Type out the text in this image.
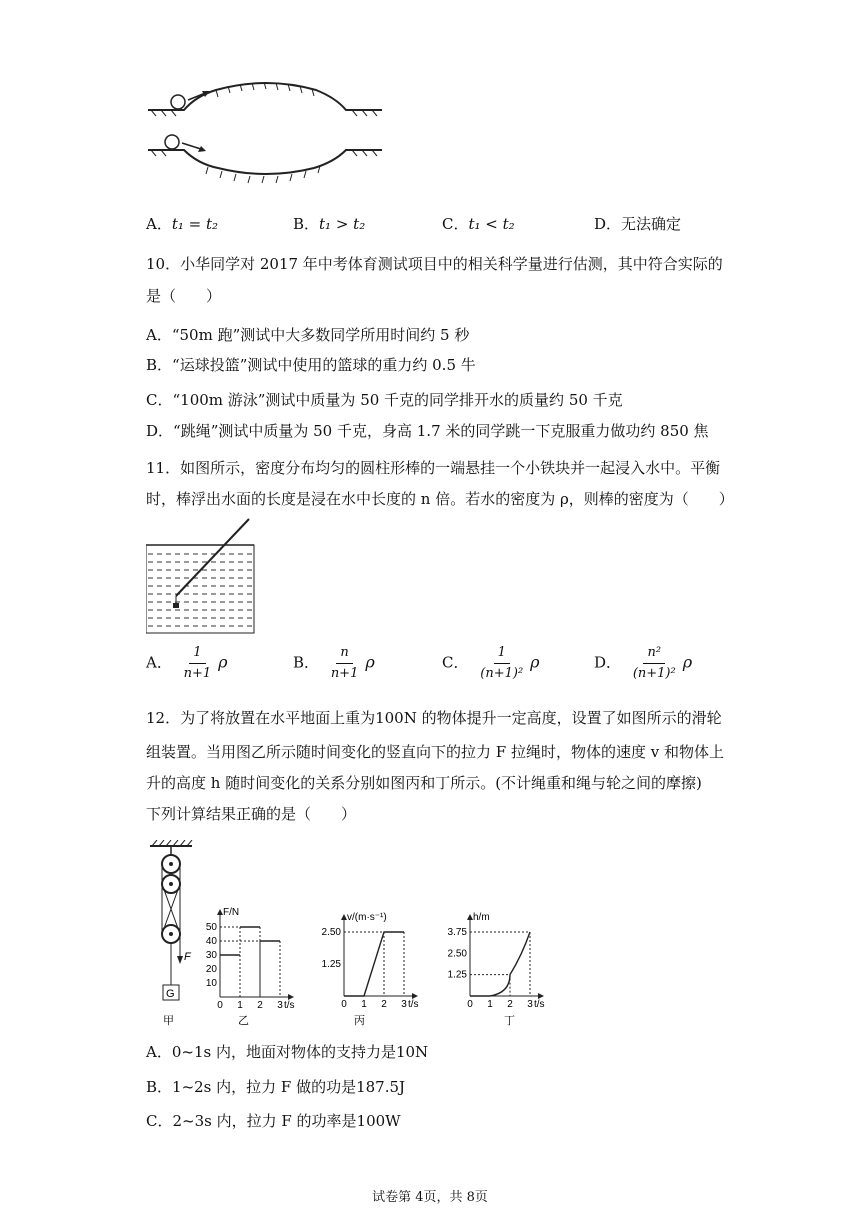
A．t₁ = t₂	B．t₁ > t₂	C．t₁ < t₂	D．无法确定
10．小华同学对 2017 年中考体育测试项目中的相关科学量进行估测，其中符合实际的
是（　　）
A．“50m 跑”测试中大多数同学所用时间约 5 秒
B．“运球投篮”测试中使用的篮球的重力约 0.5 牛
C．“100m 游泳”测试中质量为 50 千克的同学排开水的质量约 50 千克
D．“跳绳”测试中质量为 50 千克，身高 1.7 米的同学跳一下克服重力做功约 850 焦
11．如图所示，密度分布均匀的圆柱形棒的一端悬挂一个小铁块并一起浸入水中。平衡
时，棒浮出水面的长度是浸在水中长度的 n 倍。若水的密度为 ρ，则棒的密度为（　　）
A． $\frac{1}{n+1}$ ρ	B． $\frac{n}{n+1}$ ρ	C． $\frac{1}{\text{(n+1)²}}$ ρ	D． $\frac{\text{n²}}{\text{(n+1)²}}$ ρ
12．为了将放置在水平地面上重为100N 的物体提升一定高度，设置了如图所示的滑轮
组装置。当用图乙所示随时间变化的竖直向下的拉力 F 拉绳时，物体的速度 v 和物体上
升的高度 h 随时间变化的关系分别如图丙和丁所示。(不计绳重和绳与轮之间的摩擦)
下列计算结果正确的是（　　）
F
G
甲
F/N
t/s
0 1 2 3
10
20
30
40
50
乙
v/(m·s⁻¹)
t/s
0 1 2 3
1.25
2.50
丙
h/m
t/s
0 1 2 3
1.25
2.50
3.75
丁
A．0~1s 内，地面对物体的支持力是10N
B．1~2s 内，拉力 F 做的功是187.5J
C．2~3s 内，拉力 F 的功率是100W
试卷第 4页，共 8页
